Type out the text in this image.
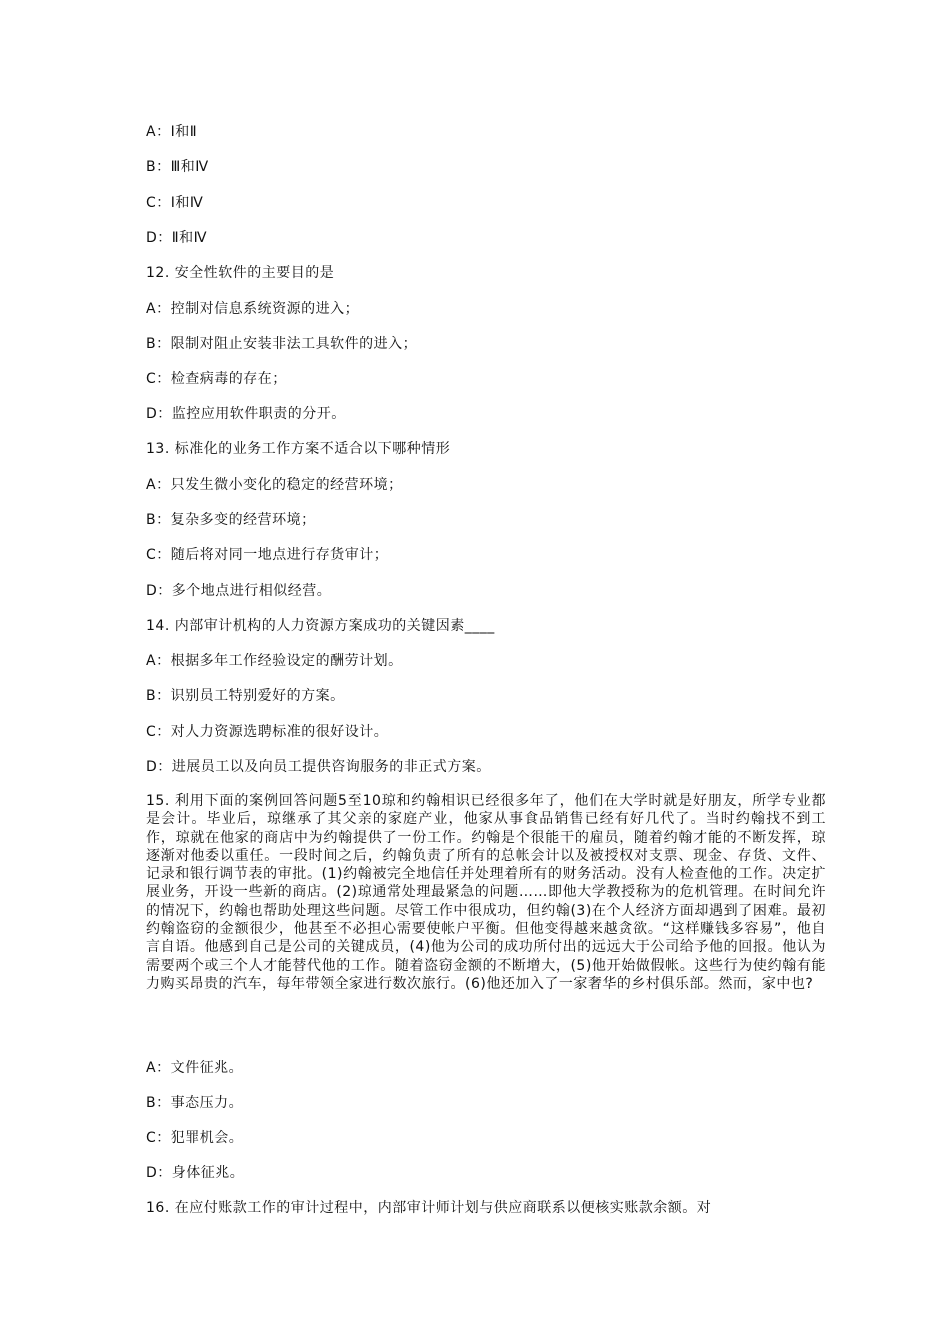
A：Ⅰ和Ⅱ
B：Ⅲ和Ⅳ
C：Ⅰ和Ⅳ
D：Ⅱ和Ⅳ
12. 安全性软件的主要目的是
A：控制对信息系统资源的进入；
B：限制对阻止安装非法工具软件的进入；
C：检查病毒的存在；
D：监控应用软件职责的分开。
13. 标准化的业务工作方案不适合以下哪种情形
A：只发生微小变化的稳定的经营环境；
B：复杂多变的经营环境；
C：随后将对同一地点进行存货审计；
D：多个地点进行相似经营。
14. 内部审计机构的人力资源方案成功的关键因素____
A：根据多年工作经验设定的酬劳计划。
B：识别员工特别爱好的方案。
C：对人力资源选聘标准的很好设计。
D：进展员工以及向员工提供咨询服务的非正式方案。
15. 利用下面的案例回答问题5至10琼和约翰相识已经很多年了，他们在大学时就是好朋友，所学专业都是会计。毕业后，琼继承了其父亲的家庭产业，他家从事食品销售已经有好几代了。当时约翰找不到工作，琼就在他家的商店中为约翰提供了一份工作。约翰是个很能干的雇员，随着约翰才能的不断发挥，琼逐渐对他委以重任。一段时间之后，约翰负责了所有的总帐会计以及被授权对支票、现金、存货、文件、记录和银行调节表的审批。(1)约翰被完全地信任并处理着所有的财务活动。没有人检查他的工作。决定扩展业务，开设一些新的商店。(2)琼通常处理最紧急的问题……即他大学教授称为的危机管理。在时间允许的情况下，约翰也帮助处理这些问题。尽管工作中很成功，但约翰(3)在个人经济方面却遇到了困难。最初约翰盗窃的金额很少，他甚至不必担心需要使帐户平衡。但他变得越来越贪欲。“这样赚钱多容易”，他自言自语。他感到自己是公司的关键成员，(4)他为公司的成功所付出的远远大于公司给予他的回报。他认为需要两个或三个人才能替代他的工作。随着盗窃金额的不断增大，(5)他开始做假帐。这些行为使约翰有能力购买昂贵的汽车，每年带领全家进行数次旅行。(6)他还加入了一家奢华的乡村俱乐部。然而，家中也?
A：文件征兆。
B：事态压力。
C：犯罪机会。
D：身体征兆。
16. 在应付账款工作的审计过程中，内部审计师计划与供应商联系以便核实账款余额。对
